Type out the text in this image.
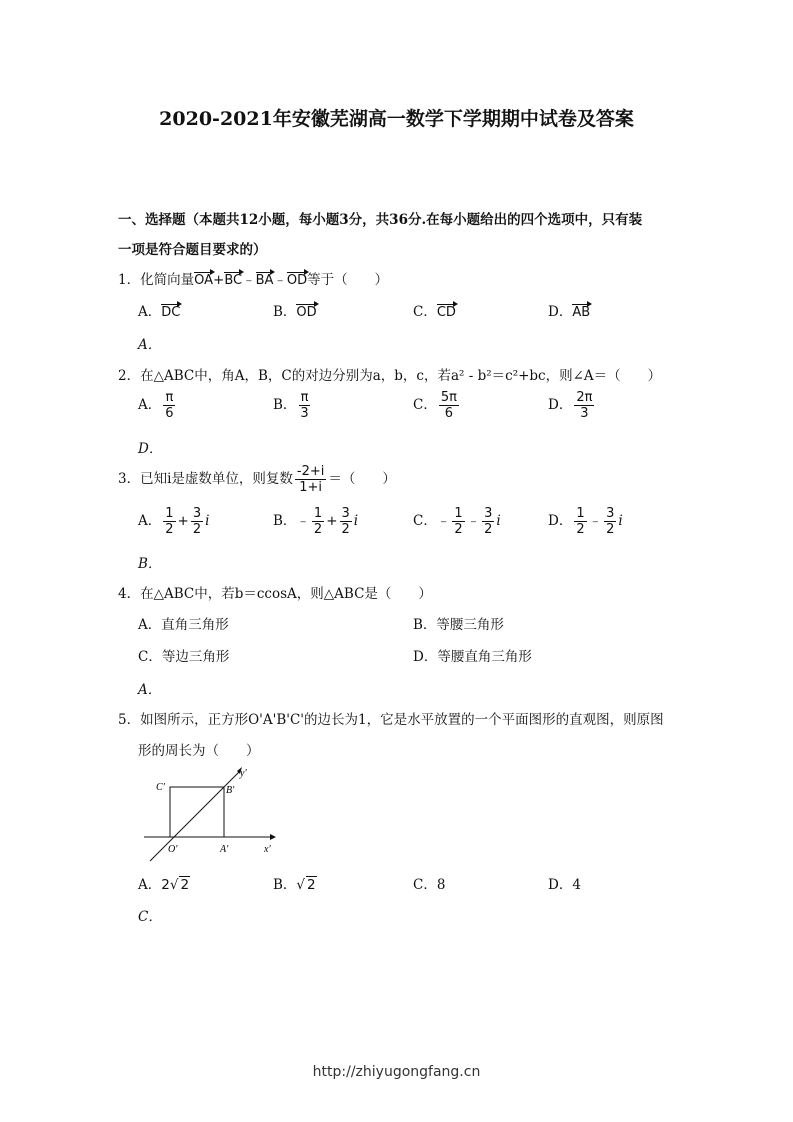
2020-2021年安徽芜湖高一数学下学期期中试卷及答案
一、选择题（本题共12小题，每小题3分，共36分.在每小题给出的四个选项中，只有装
一项是符合题目要求的）
1．化简向量OA+BC﹣BA﹣OD等于（　　）
A．DC	B．OD	C．CD	D．AB
A．
2．在△ABC中，角A，B，C的对边分别为a，b，c，若a² - b²＝c²+bc，则∠A＝（　　）
A． $\frac{\pi}{6}$	B． $\frac{\pi}{3}$	C． $\frac{5\pi}{6}$	D． $\frac{2\pi}{3}$
D．
3．已知i是虚数单位，则复数 $\frac{-2+i}{1+i}$ ＝（　　）
A． $\frac{1}{2} + \frac{3}{2}$ i	B．﹣ $\frac{1}{2} + \frac{3}{2}$ i	C．﹣ $\frac{1}{2}$ ﹣ $\frac{3}{2}$ i	D． $\frac{1}{2}$ ﹣ $\frac{3}{2}$ i
B．
4．在△ABC中，若b＝ccosA，则△ABC是（　　）
A．直角三角形	B．等腰三角形
C．等边三角形	D．等腰直角三角形
A．
5．如图所示，正方形O'A'B'C'的边长为1，它是水平放置的一个平面图形的直观图，则原图
形的周长为（　　）
C'	B'
y'
O'	A'	x'
A．2√ 2	B．√ 2	C．8	D．4
C．
http://zhiyugongfang.cn
